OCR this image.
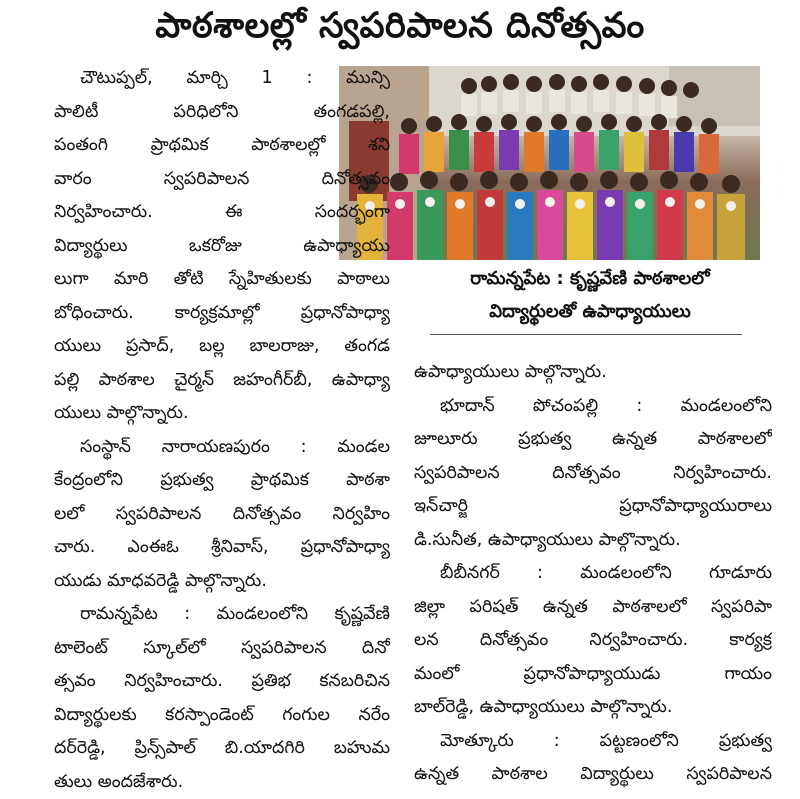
పాఠశాలల్లో స్వపరిపాలన దినోత్సవం
రామన్నపేట : కృష్ణవేణి పాఠశాలలో
విద్యార్థులతో ఉపాధ్యాయులు
చౌటుప్పల్, మార్చి 1 : మున్సి
పాలిటీ పరిధిలోని తంగడపల్లి,
పంతంగి ప్రాథమిక పాఠశాలల్లో శని
వారం స్వపరిపాలన దినోత్సవం
నిర్వహించారు. ఈ సందర్భంగా
విద్యార్థులు ఒకరోజు ఉపాధ్యాయు
లుగా మారి తోటి స్నేహితులకు పాఠాలు
బోధించారు. కార్యక్రమాల్లో ప్రధానోపాధ్యా
యులు ప్రసాద్, బల్ల బాలరాజు, తంగడ
పల్లి పాఠశాల చైర్మన్ జహంగీర్‌బీ, ఉపాధ్యా
యులు పాల్గొన్నారు.
సంస్థాన్ నారాయణపురం : మండల
కేంద్రంలోని ప్రభుత్వ ప్రాథమిక పాఠశా
లలో స్వపరిపాలన దినోత్సవం నిర్వహిం
చారు. ఎంఈఓ శ్రీనివాస్, ప్రధానోపాధ్యా
యుడు మాధవరెడ్డి పాల్గొన్నారు.
రామన్నపేట : మండలంలోని కృష్ణవేణి
టాలెంట్ స్కూల్‌లో స్వపరిపాలన దినో
త్సవం నిర్వహించారు. ప్రతిభ కనబరిచిన
విద్యార్థులకు కరస్పాండెంట్ గంగుల నరేం
దర్‌రెడ్డి, ప్రిన్స్‌పాల్ బి.యాదగిరి బహుమ
తులు అందజేశారు.
ఉపాధ్యాయులు పాల్గొన్నారు.
భూదాన్ పోచంపల్లి : మండలంలోని
జూలూరు ప్రభుత్వ ఉన్నత పాఠశాలలో
స్వపరిపాలన దినోత్సవం నిర్వహించారు.
ఇన్‌చార్జి ప్రధానోపాధ్యాయురాలు
డి.సునీత, ఉపాధ్యాయులు పాల్గొన్నారు.
బీబీనగర్ : మండలంలోని గూడూరు
జిల్లా పరిషత్ ఉన్నత పాఠశాలలో స్వపరిపా
లన దినోత్సవం నిర్వహించారు. కార్యక్ర
మంలో ప్రధానోపాధ్యాయుడు గాయం
బాల్‌రెడ్డి, ఉపాధ్యాయులు పాల్గొన్నారు.
మోత్కూరు : పట్టణంలోని ప్రభుత్వ
ఉన్నత పాఠశాల విద్యార్థులు స్వపరిపాలన
